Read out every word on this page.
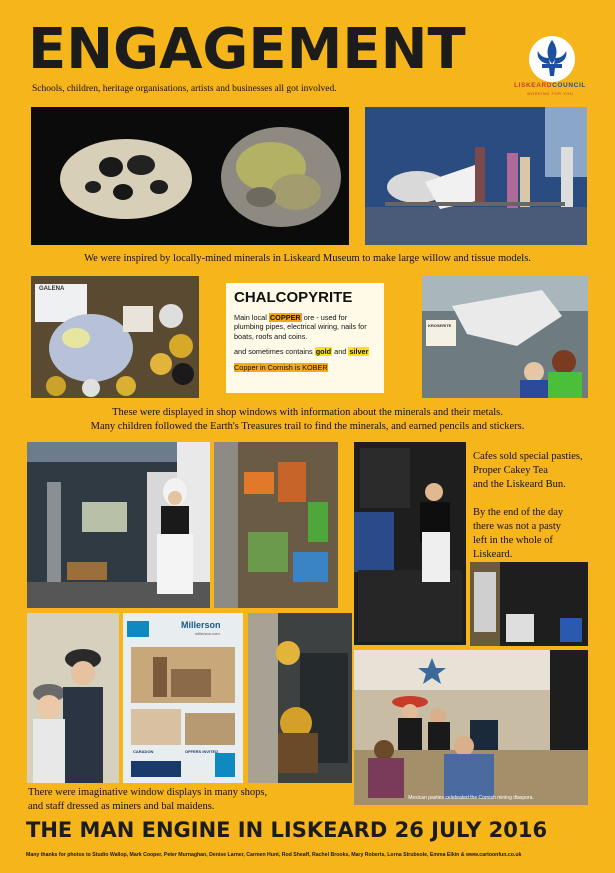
ENGAGEMENT
Schools, children, heritage organisations, artists and businesses all got involved.	LISKEARDCOUNCIL
WORKING FOR YOU
We were inspired by locally-mined minerals in Liskeard Museum to make large willow and tissue models.
GALENA	CHALCOPYRITE

Main local COPPER ore - used for plumbing pipes, electrical wiring, nails for boats, roofs and coins.

and sometimes contains gold and silver

Copper in Cornish is KOBER

KROSERITE
These were displayed in shop windows with information about the minerals and their metals.
Many children followed the Earth's Treasures trail to find the minerals, and earned pencils and stickers.
Cafes sold special pasties,
Proper Cakey Tea
and the Liskeard Bun.
By the end of the day
there was not a pasty
left in the whole of
Liskeard.
Millerson
millerson.com
CARADON	OFFERS INVITED
Mexican pasties celebrated the Cornish mining diaspora.
There were imaginative window displays in many shops,
and staff dressed as miners and bal maidens.
THE MAN ENGINE IN LISKEARD 26 JULY 2016
Many thanks for photos to Studio Wallop, Mark Cooper, Peter Murnaghan, Denise Larner, Carmen Hunt, Rod Sheaff, Rachel Brooks, Mary Roberts, Lorna Strubsole, Emma Elkin & www.cartoonfun.co.uk
